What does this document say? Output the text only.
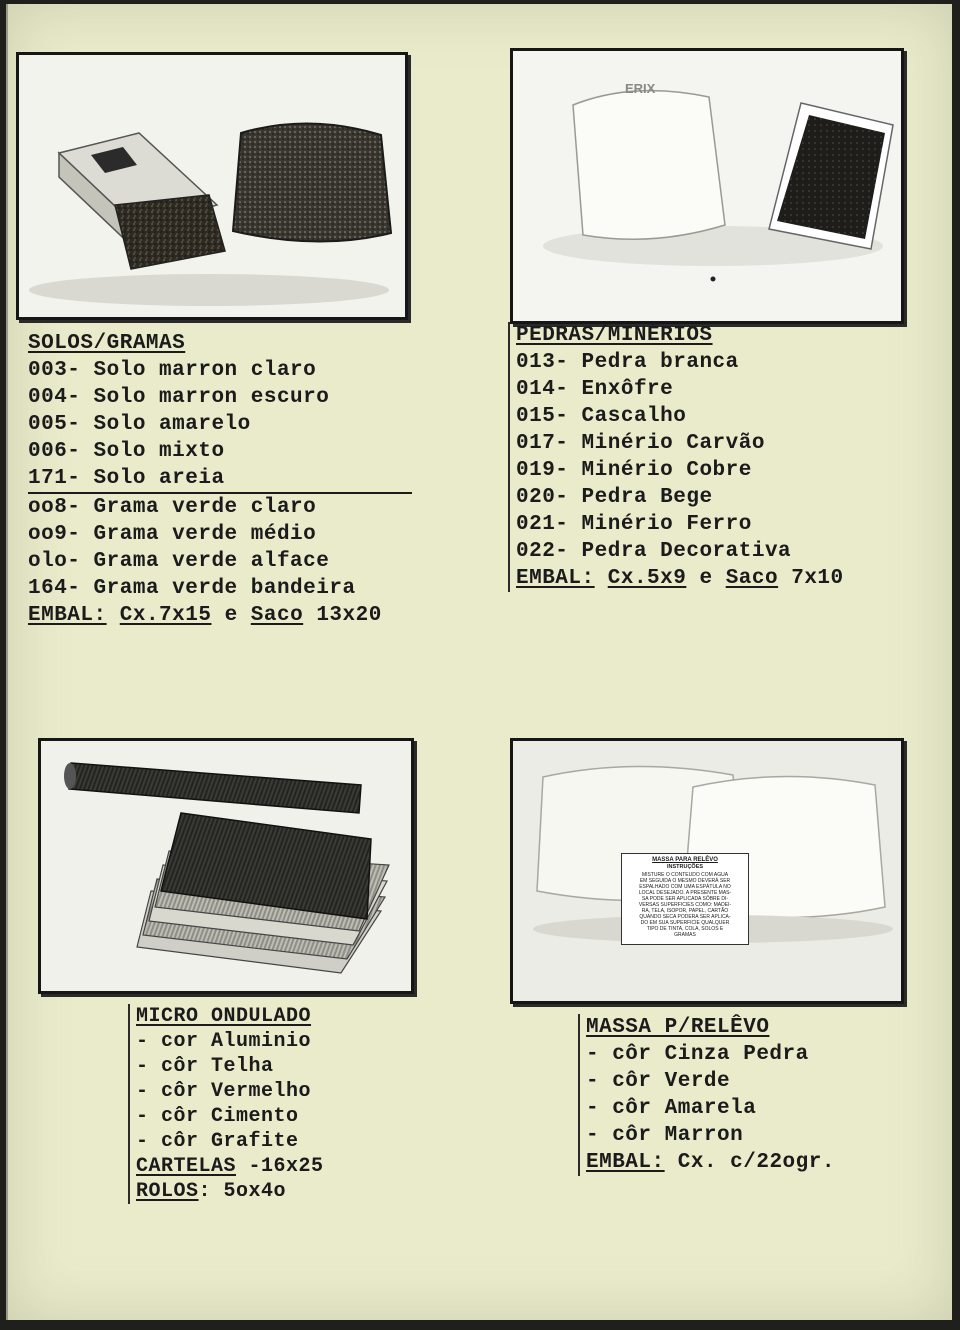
ERIX
SOLOS/GRAMAS
003- Solo marron claro
004- Solo marron escuro
005- Solo amarelo
006- Solo mixto
171- Solo areia
oo8- Grama verde claro
oo9- Grama verde médio
olo- Grama verde alface
164- Grama verde bandeira
EMBAL: Cx.7x15 e Saco 13x20
PEDRAS/MINÉRIOS
013- Pedra branca
014- Enxôfre
015- Cascalho
017- Minério Carvão
019- Minério Cobre
020- Pedra Bege
021- Minério Ferro
022- Pedra Decorativa
EMBAL: Cx.5x9 e Saco 7x10
MASSA PARA RELÊVO
INSTRUÇÕES
MISTURE O CONTEUDO COM AGUA
EM SEGUIDA O MESMO DEVERÁ SER
ESPALHADO COM UMA ESPÁTULA NO
LOCAL DESEJADO. A PRESENTE MAS-
SA PODE SER APLICADA SÔBRE DI-
VERSAS SUPERFICIES COMO: MADEI-
RA, TELA, ISOPOR, PAPEL, CARTÃO
QUANDO SECA PODERA SER APLICA-
DO EM SUA SUPERFICIE QUALQUER
TIPO DE TINTA, COLA, SOLOS E
GRAMAS
MICRO ONDULADO
- cor Aluminio
- côr Telha
- côr Vermelho
- côr Cimento
- côr Grafite
CARTELAS -16x25
ROLOS: 5ox4o
MASSA P/RELÊVO
- côr Cinza Pedra
- côr Verde
- côr Amarela
- côr Marron
EMBAL: Cx. c/22ogr.
